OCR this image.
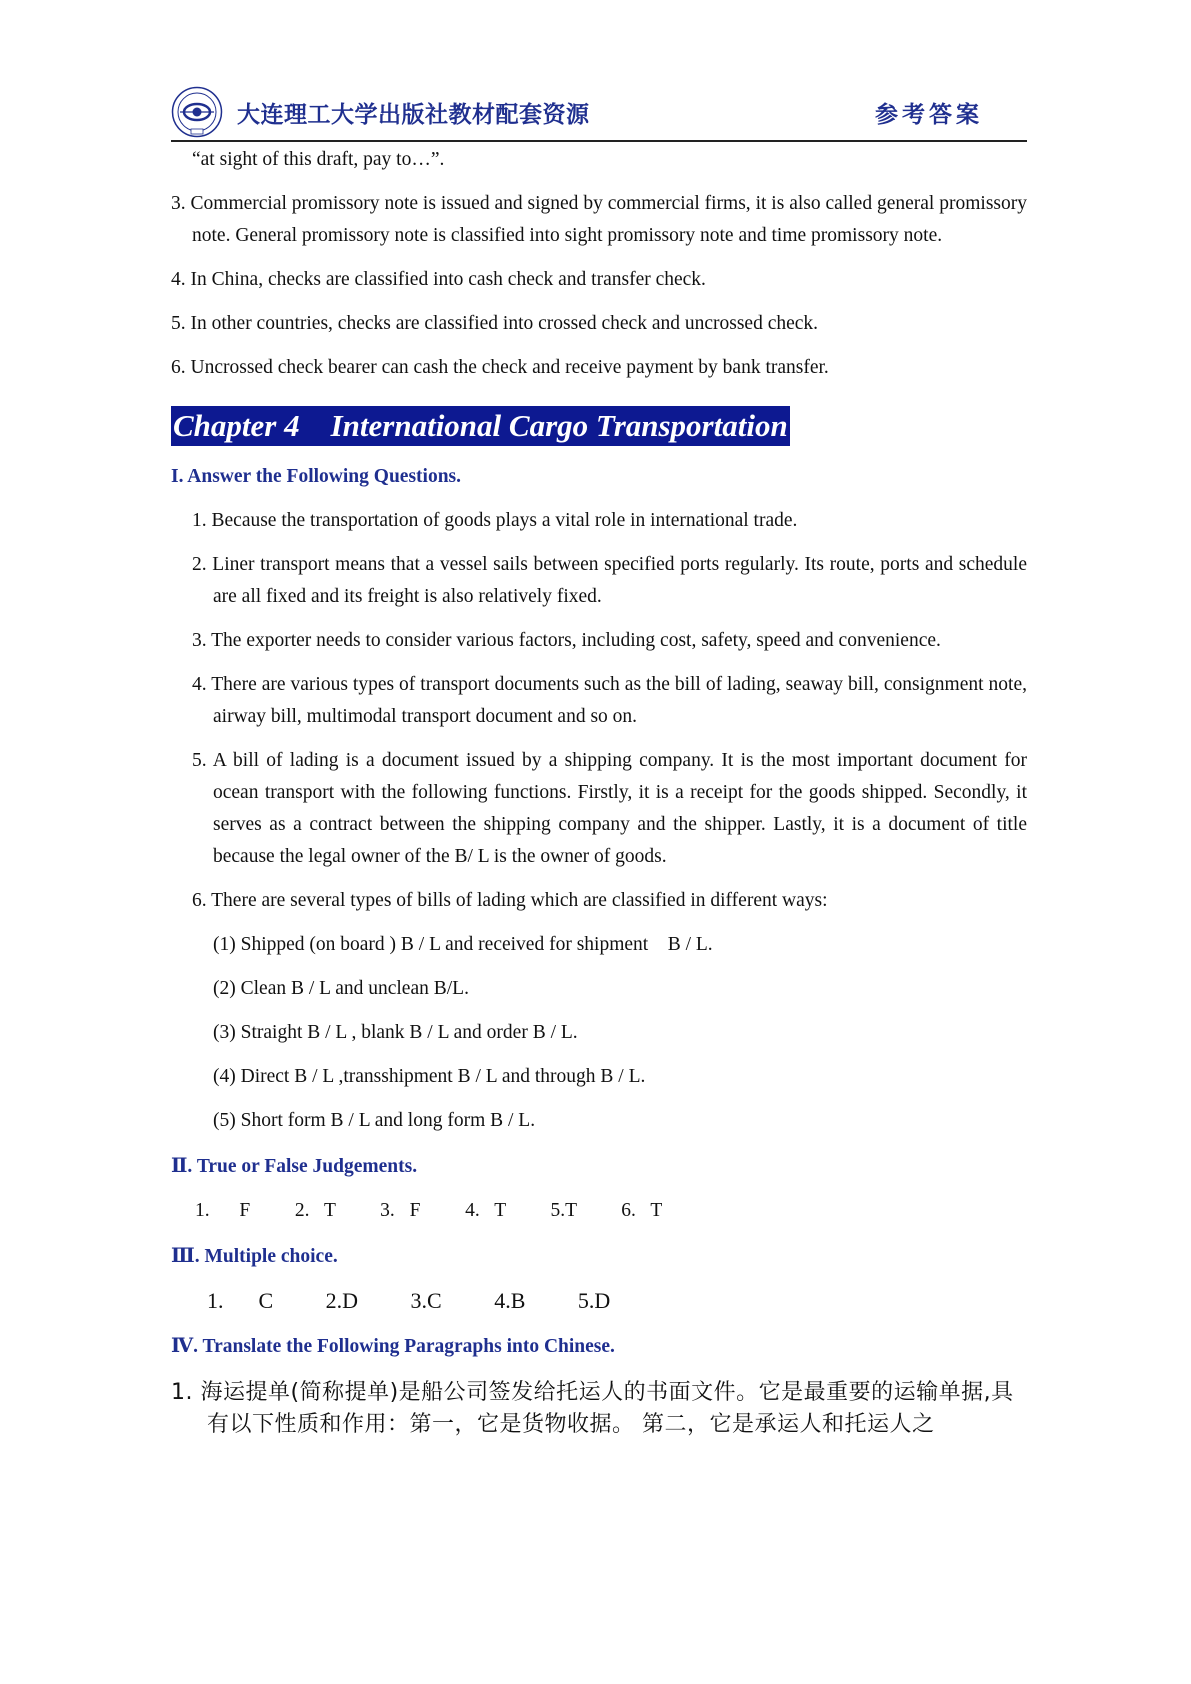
大连理工大学出版社教材配套资源	参考答案

“at sight of this draft, pay to…”.

3. Commercial promissory note is issued and signed by commercial firms, it is also called general promissory note. General promissory note is classified into sight promissory note and time promissory note.

4. In China, checks are classified into cash check and transfer check.

5. In other countries, checks are classified into crossed check and uncrossed check.

6. Uncrossed check bearer can cash the check and receive payment by bank transfer.

Chapter 4    International Cargo Transportation

I. Answer the Following Questions.

1. Because the transportation of goods plays a vital role in international trade.

2. Liner transport means that a vessel sails between specified ports regularly. Its route, ports and schedule are all fixed and its freight is also relatively fixed.

3. The exporter needs to consider various factors, including cost, safety, speed and convenience.

4. There are various types of transport documents such as the bill of lading, seaway bill, consignment note, airway bill, multimodal transport document and so on.

5. A bill of lading is a document issued by a shipping company. It is the most important document for ocean transport with the following functions. Firstly, it is a receipt for the goods shipped. Secondly, it serves as a contract between the shipping company and the shipper. Lastly, it is a document of title because the legal owner of the B/ L is the owner of goods.

6. There are several types of bills of lading which are classified in different ways:

(1) Shipped (on board ) B / L and received for shipment    B / L.

(2) Clean B / L and unclean B/L.

(3) Straight B / L , blank B / L and order B / L.

(4) Direct B / L ,transshipment B / L and through B / L.

(5) Short form B / L and long form B / L.

Ⅱ. True or False Judgements.

1.  F   2. T   3. F   4. T   5.T   6. T

Ⅲ. Multiple choice.

1.  C   2.D   3.C   4.B   5.D

Ⅳ. Translate the Following Paragraphs into Chinese.

1. 海运提单(简称提单)是船公司签发给托运人的书面文件。它是最重要的运输单据,具有以下性质和作用：第一，它是货物收据。 第二，它是承运人和托运人之
